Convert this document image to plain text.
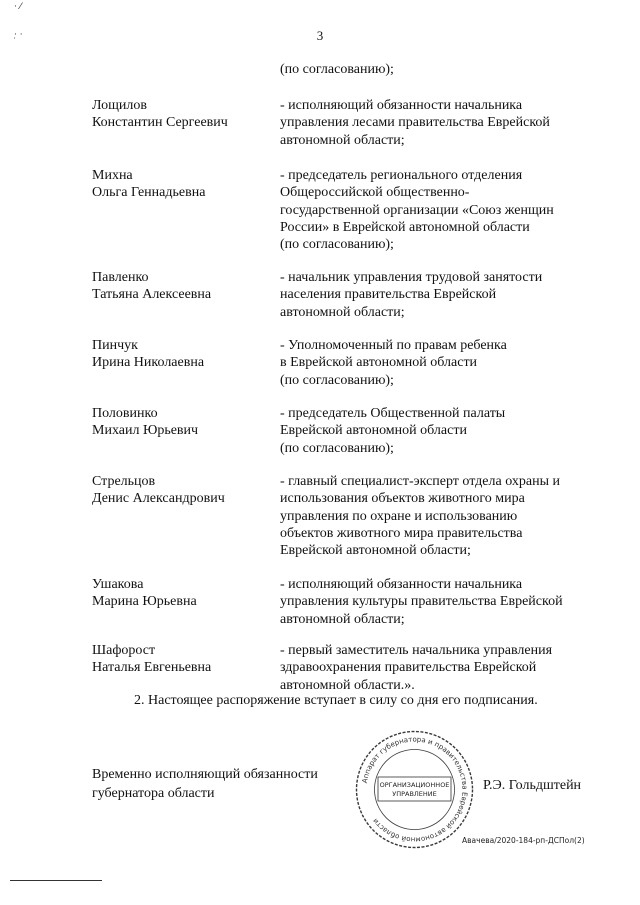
· ⁄
·̣ ·	3
(по согласованию);
Лощилов
Константин Сергеевич
- исполняющий обязанности начальника
управления лесами правительства Еврейской
автономной области;
Михна
Ольга Геннадьевна
- председатель регионального отделения
Общероссийской общественно-
государственной организации «Союз женщин
России» в Еврейской автономной области
(по согласованию);
Павленко
Татьяна Алексеевна
- начальник управления трудовой занятости
населения правительства Еврейской
автономной области;
Пинчук
Ирина Николаевна
- Уполномоченный по правам ребенка
в Еврейской автономной области
(по согласованию);
Половинко
Михаил Юрьевич
- председатель Общественной палаты
Еврейской автономной области
(по согласованию);
Стрельцов
Денис Александрович
- главный специалист-эксперт отдела охраны и
использования объектов животного мира
управления по охране и использованию
объектов животного мира правительства
Еврейской автономной области;
Ушакова
Марина Юрьевна
- исполняющий обязанности начальника
управления культуры правительства Еврейской
автономной области;
Шафорост
Наталья Евгеньевна
- первый заместитель начальника управления
здравоохранения правительства Еврейской
автономной области.».
2. Настоящее распоряжение вступает в силу со дня его подписания.
Временно исполняющий обязанности
губернатора области
Аппарат губернатора и правительства Еврейской автономной области
ОРГАНИЗАЦИОННОЕ
УПРАВЛЕНИЕ
Р.Э. Гольдштейн
Авачева/2020-184-рп-ДСПол(2)
